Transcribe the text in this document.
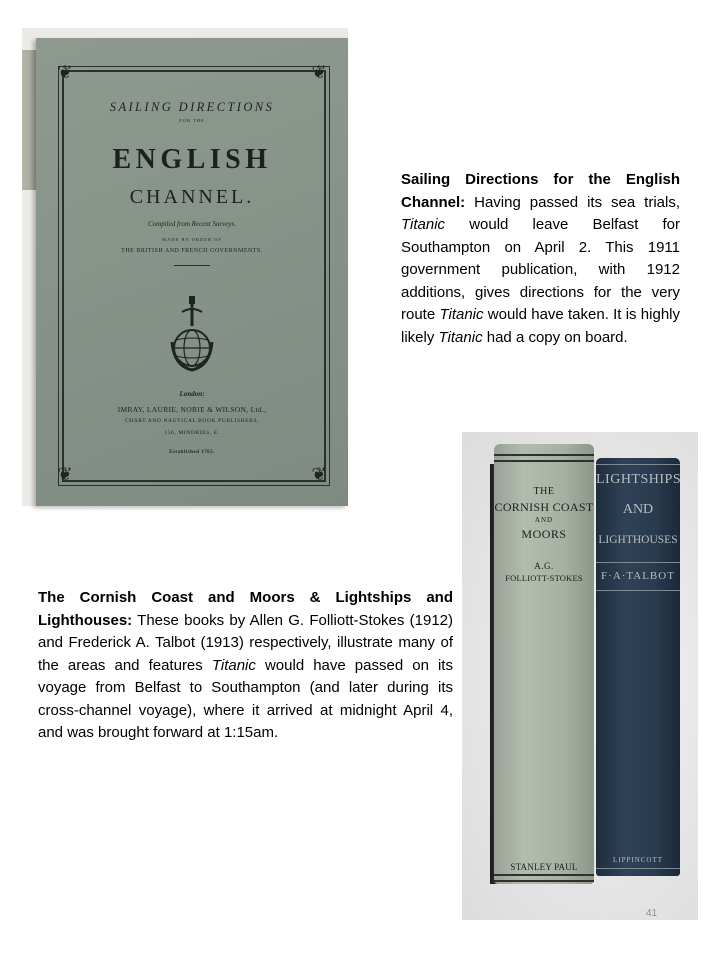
❦	❦
❦	❦
SAILING DIRECTIONS
FOR THE
ENGLISH
CHANNEL.
Compiled from Recent Surveys.
MADE BY ORDER OF
THE BRITISH AND FRENCH GOVERNMENTS.
London:
IMRAY, LAURIE, NORIE & WILSON, Ltd.,
CHART AND NAUTICAL BOOK PUBLISHERS,
156, MINORIES, E.
Established 1763.
Sailing Directions for the English Channel: Having passed its sea trials, Titanic would leave Belfast for Southampton on April 2. This 1911 government publication, with 1912 additions, gives directions for the very route Titanic would have taken. It is highly likely Titanic had a copy on board.
THE
CORNISH COAST
AND
MOORS
A.G.
FOLLIOTT-STOKES
STANLEY PAUL
LIGHTSHIPS
AND
LIGHTHOUSES
F·A·TALBOT
LIPPINCOTT
The Cornish Coast and Moors & Lightships and Lighthouses: These books by Allen G. Folliott-Stokes (1912) and Frederick A. Talbot (1913) respectively, illustrate many of the areas and features Titanic would have passed on its voyage from Belfast to Southampton (and later during its cross-channel voyage), where it arrived at midnight April 4, and was brought forward at 1:15am.
41
